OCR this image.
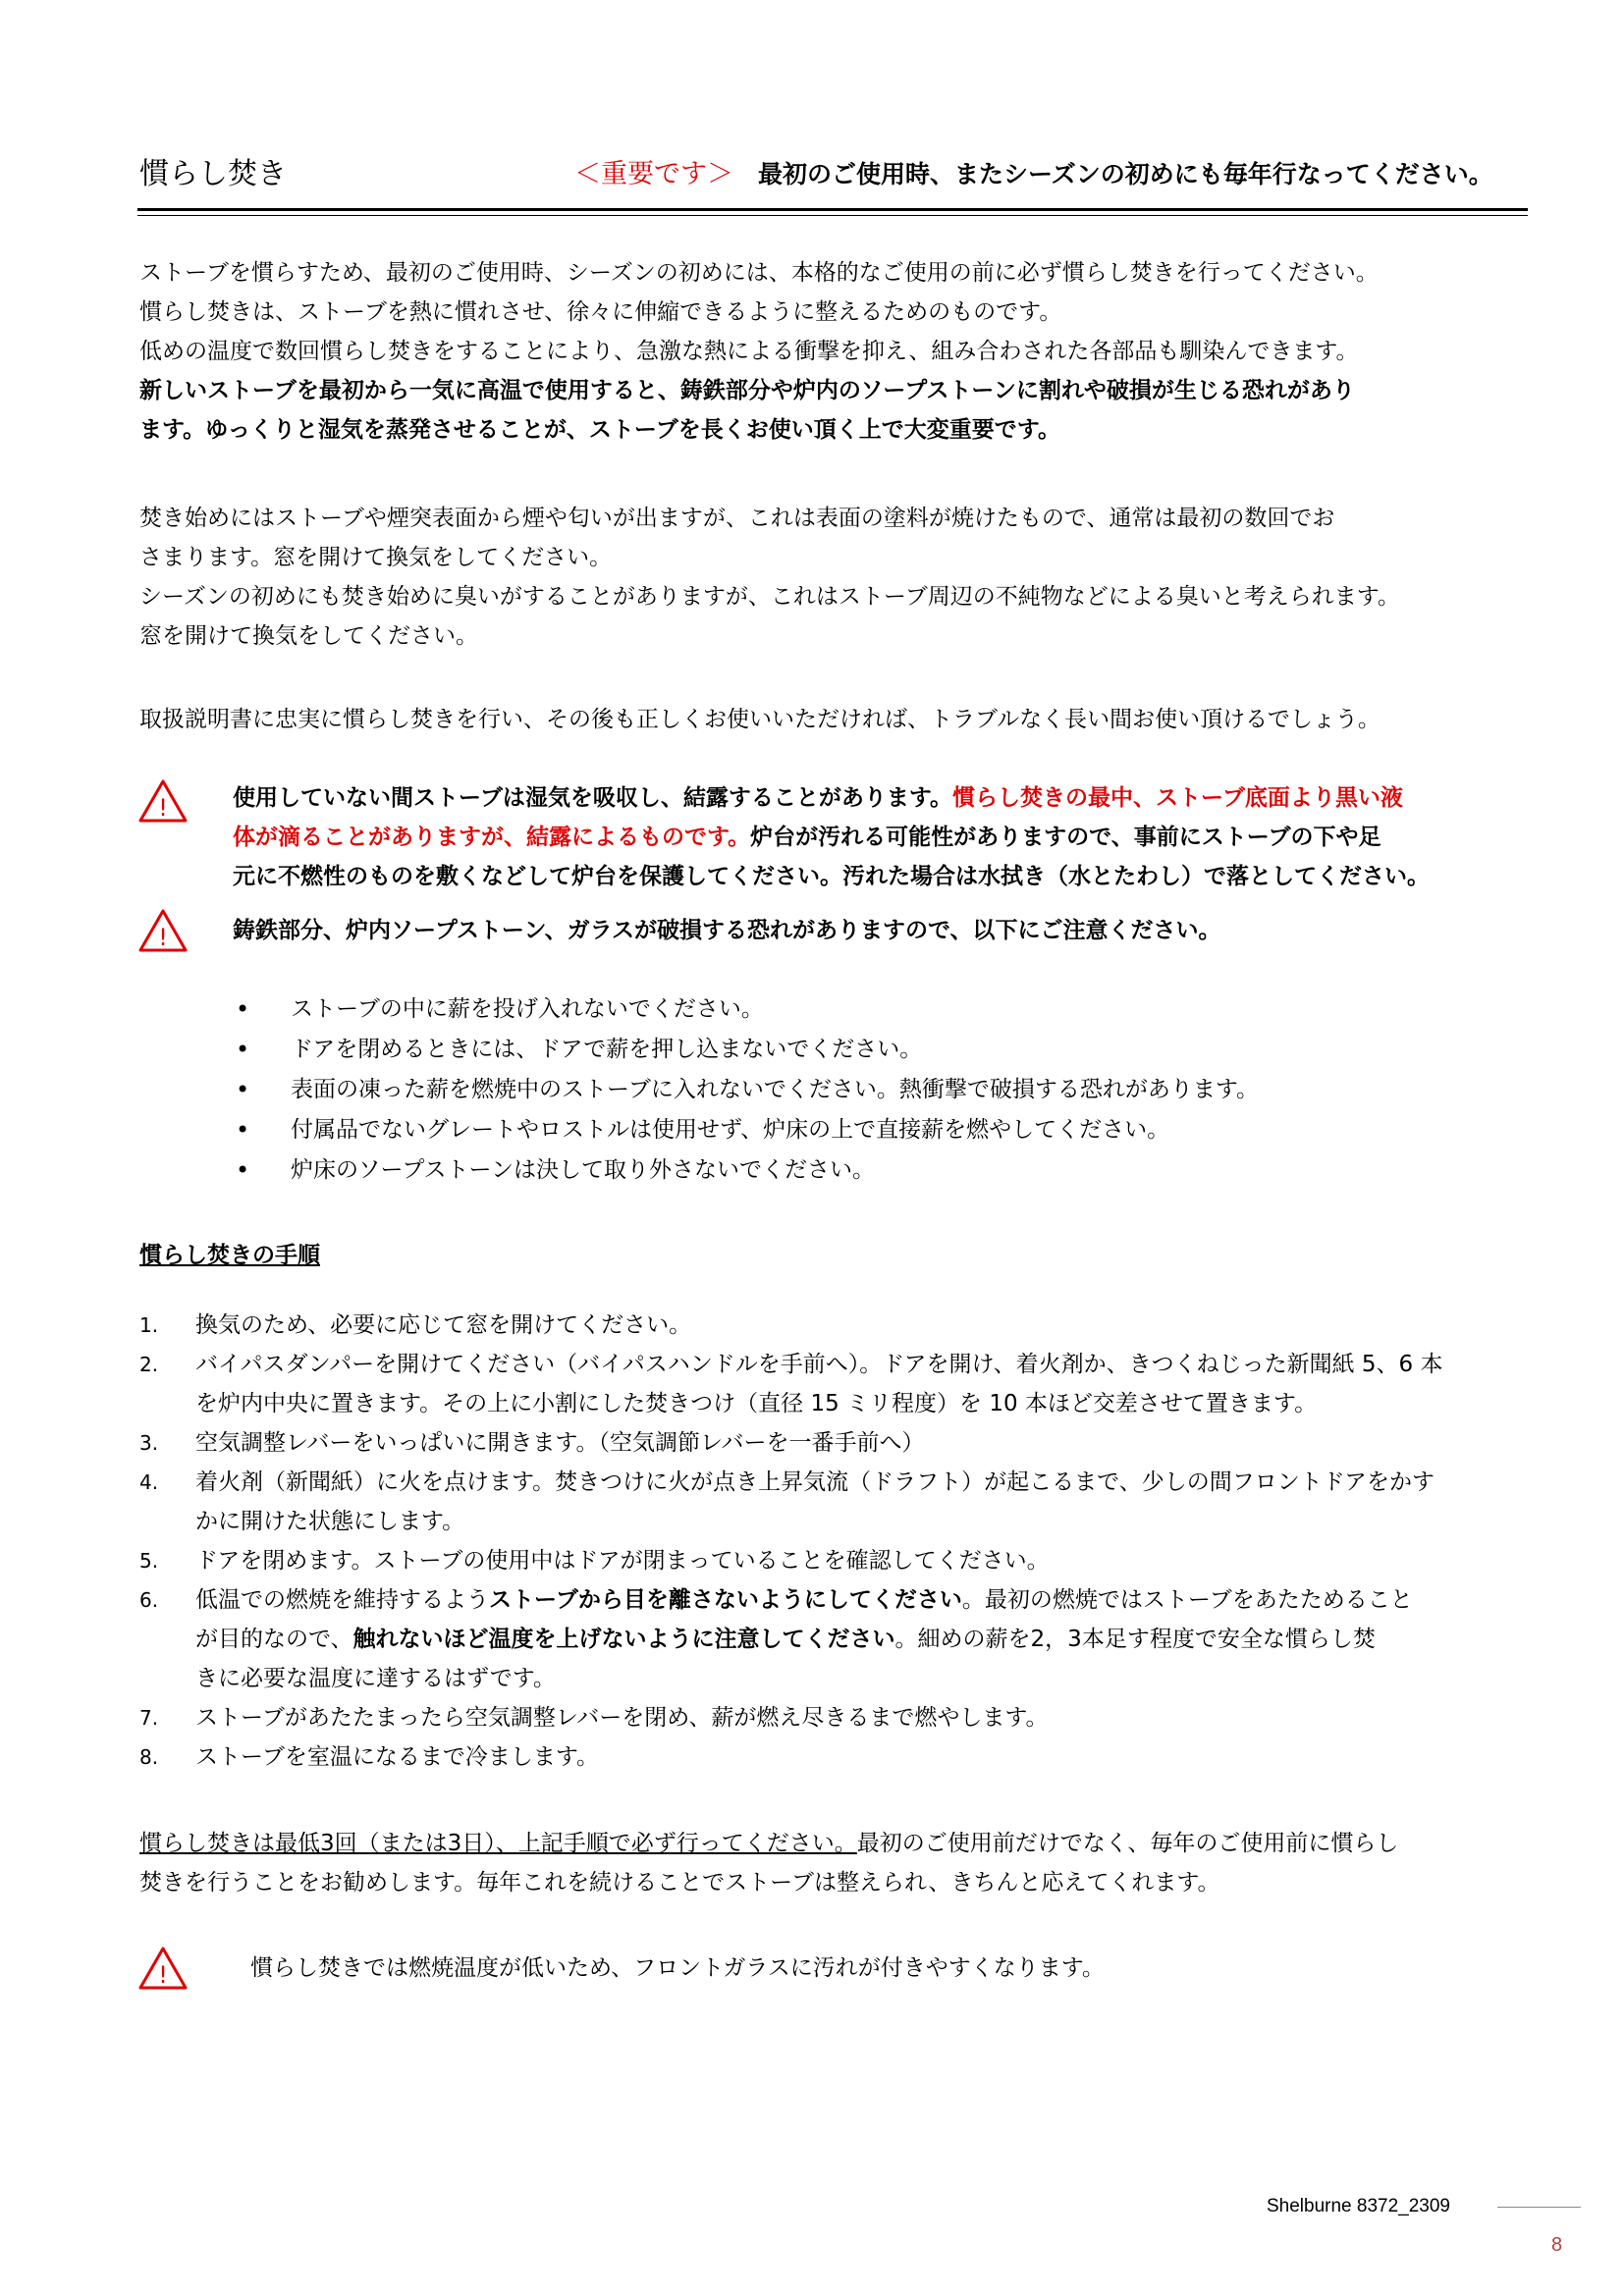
慣らし焚き	＜重要です＞　 最初のご使用時、またシーズンの初めにも毎年行なってください。
ストーブを慣らすため、最初のご使用時、シーズンの初めには、本格的なご使用の前に必ず慣らし焚きを行ってください。
慣らし焚きは、ストーブを熱に慣れさせ、徐々に伸縮できるように整えるためのものです。
低めの温度で数回慣らし焚きをすることにより、急激な熱による衝撃を抑え、組み合わされた各部品も馴染んできます。
新しいストーブを最初から一気に高温で使用すると、鋳鉄部分や炉内のソープストーンに割れや破損が生じる恐れがあり
ます。ゆっくりと湿気を蒸発させることが、ストーブを長くお使い頂く上で大変重要です。
焚き始めにはストーブや煙突表面から煙や匂いが出ますが、これは表面の塗料が焼けたもので、通常は最初の数回でお
さまります。窓を開けて換気をしてください。
シーズンの初めにも焚き始めに臭いがすることがありますが、これはストーブ周辺の不純物などによる臭いと考えられます。
窓を開けて換気をしてください。
取扱説明書に忠実に慣らし焚きを行い、その後も正しくお使いいただければ、トラブルなく長い間お使い頂けるでしょう。
!	使用していない間ストーブは湿気を吸収し、結露することがあります。慣らし焚きの最中、ストーブ底面より黒い液
体が滴ることがありますが、結露によるものです。炉台が汚れる可能性がありますので、事前にストーブの下や足
元に不燃性のものを敷くなどして炉台を保護してください。汚れた場合は水拭き（水とたわし）で落としてください。
!	鋳鉄部分、炉内ソープストーン、ガラスが破損する恐れがありますので、以下にご注意ください。
• ストーブの中に薪を投げ入れないでください。
• ドアを閉めるときには、ドアで薪を押し込まないでください。
• 表面の凍った薪を燃焼中のストーブに入れないでください。熱衝撃で破損する恐れがあります。
• 付属品でないグレートやロストルは使用せず、炉床の上で直接薪を燃やしてください。
• 炉床のソープストーンは決して取り外さないでください。
慣らし焚きの手順
1. 換気のため、必要に応じて窓を開けてください。
2. バイパスダンパーを開けてください（バイパスハンドルを手前へ）。ドアを開け、着火剤か、きつくねじった新聞紙 5、6 本
を炉内中央に置きます。その上に小割にした焚きつけ（直径 15 ミリ程度）を 10 本ほど交差させて置きます。
3. 空気調整レバーをいっぱいに開きます。（空気調節レバーを一番手前へ）
4. 着火剤（新聞紙）に火を点けます。焚きつけに火が点き上昇気流（ドラフト）が起こるまで、少しの間フロントドアをかす
かに開けた状態にします。
5. ドアを閉めます。ストーブの使用中はドアが閉まっていることを確認してください。
6. 低温での燃焼を維持するようストーブから目を離さないようにしてください。最初の燃焼ではストーブをあたためること
が目的なので、触れないほど温度を上げないように注意してください。細めの薪を2，3本足す程度で安全な慣らし焚
きに必要な温度に達するはずです。
7. ストーブがあたたまったら空気調整レバーを閉め、薪が燃え尽きるまで燃やします。
8. ストーブを室温になるまで冷まします。
慣らし焚きは最低3回（または3日）、上記手順で必ず行ってください。最初のご使用前だけでなく、毎年のご使用前に慣らし
焚きを行うことをお勧めします。毎年これを続けることでストーブは整えられ、きちんと応えてくれます。
!	慣らし焚きでは燃焼温度が低いため、フロントガラスに汚れが付きやすくなります。
Shelburne 8372_2309
8
